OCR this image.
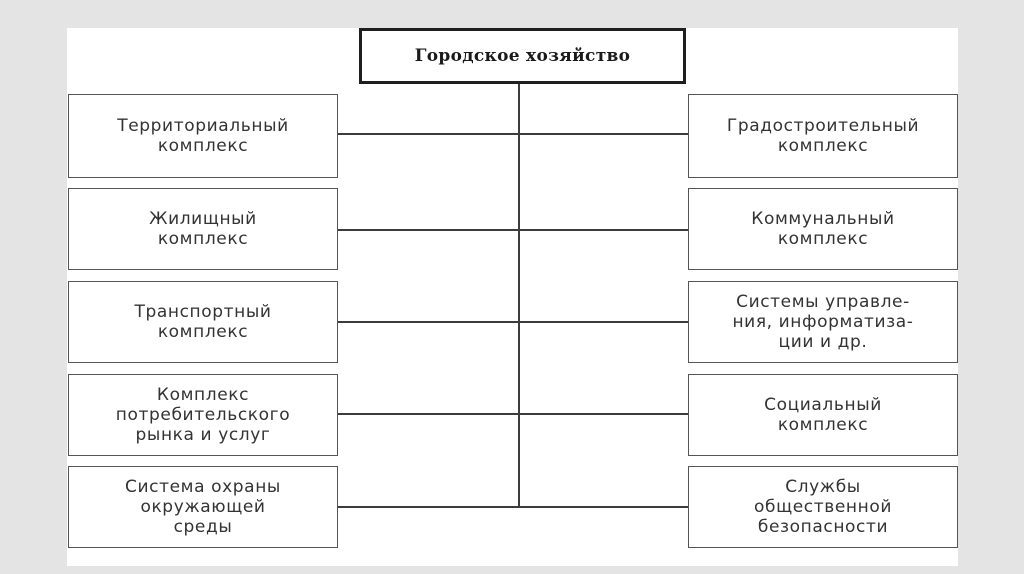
Городское хозяйство
Территориальный
комплекс
Жилищный
комплекс
Транспортный
комплекс
Комплекс
потребительского
рынка и услуг
Система охраны
окружающей
среды
Градостроительный
комплекс
Коммунальный
комплекс
Системы управле-
ния, информатиза-
ции и др.
Социальный
комплекс
Службы
общественной
безопасности
